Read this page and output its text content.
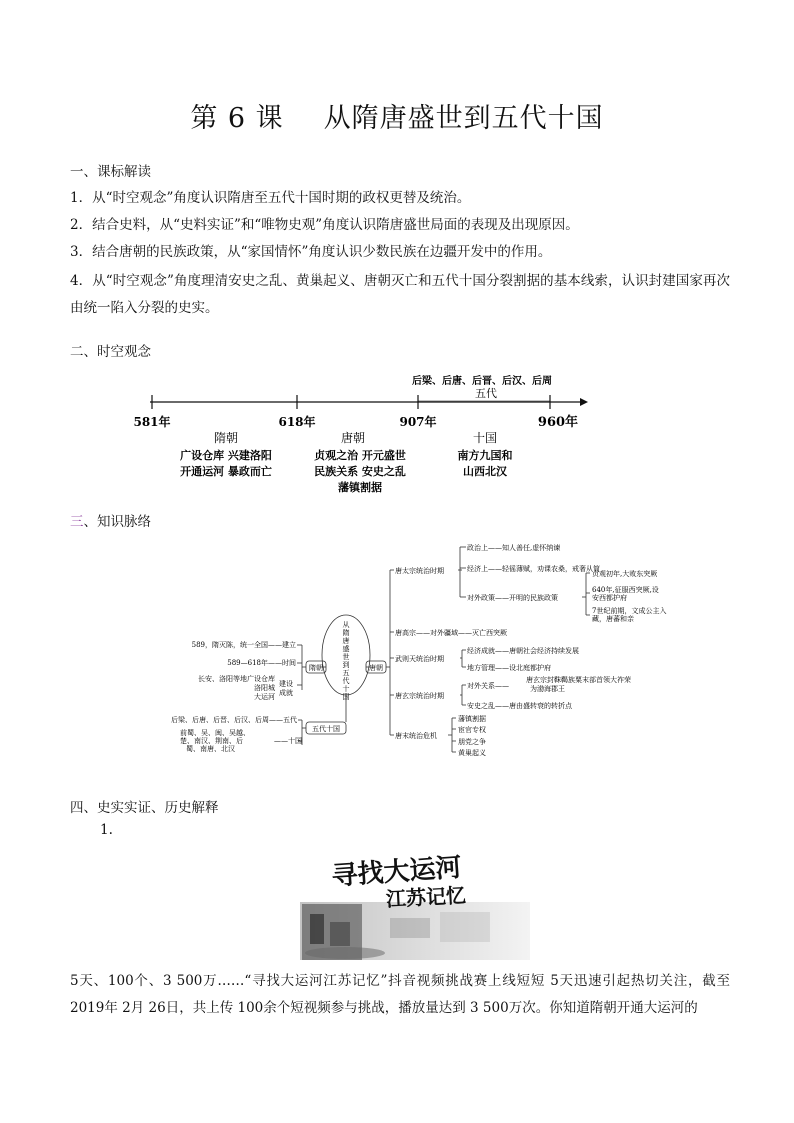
第 6 课 从隋唐盛世到五代十国
一、课标解读
1．从“时空观念”角度认识隋唐至五代十国时期的政权更替及统治。
2．结合史料，从“史料实证”和“唯物史观”角度认识隋唐盛世局面的表现及出现原因。
3．结合唐朝的民族政策，从“家国情怀”角度认识少数民族在边疆开发中的作用。
4．从“时空观念”角度理清安史之乱、黄巢起义、唐朝灭亡和五代十国分裂割据的基本线索，认识封建国家再次由统一陷入分裂的史实。
二、时空观念
后梁、后唐、后晋、后汉、后周
五代
581年	618年	907年	960年
隋朝
广设仓库 兴建洛阳
开通运河 暴政而亡
唐朝
贞观之治 开元盛世
民族关系 安史之乱
藩镇割据
十国
南方九国和
山西北汉
三、知识脉络
从隋唐盛世到五代十国
隋朝
五代十国
唐朝
589，隋灭陈，统一全国——建立
589—618年——时间
长安、洛阳等地广设仓库
洛阳城
大运河
建设
成就
后梁、后唐、后晋、后汉、后周——五代
前蜀、吴、闽、吴越、
楚、南汉、荆南、后
蜀、南唐、北汉
——十国
唐太宗统治时期
唐高宗——对外疆域——灭亡西突厥
武则天统治时期
唐玄宗统治时期
唐末统治危机
政治上——知人善任,虚怀纳谏
经济上——轻徭薄赋，劝课农桑，戒奢从简
对外政策——开明的民族政策
贞观初年,大败东突厥
640年,征服西突厥,设
安西都护府
7世纪前期，文成公主入
藏，唐蕃和亲
经济成就——唐朝社会经济持续发展
地方管理——设北庭都护府
对外关系——
唐玄宗封靺鞨族粟末部首领大祚荣
为渤海郡王
安史之乱——唐由盛转衰的转折点
藩镇割据
宦官专权
朋党之争
黄巢起义
四、史实实证、历史解释
1.
寻找大运河
江苏记忆
5天、100个、3 500万……“寻找大运河江苏记忆”抖音视频挑战赛上线短短 5天迅速引起热切关注，截至 2019年 2月 26日，共上传 100余个短视频参与挑战，播放量达到 3 500万次。你知道隋朝开通大运河的
